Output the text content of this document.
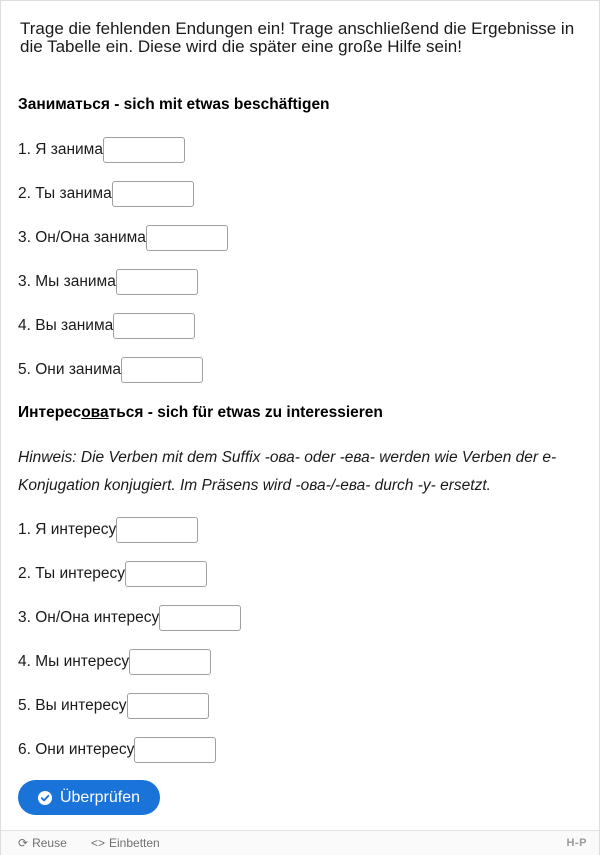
Trage die fehlenden Endungen ein! Trage anschließend die Ergebnisse in die Tabelle ein. Diese wird die später eine große Hilfe sein!
Заниматься - sich mit etwas beschäftigen
1. Я занима
2. Ты занима
3. Он/Она занима
3. Мы занима
4. Вы занима
5. Они занима
Интересоваться - sich für etwas zu interessieren
Hinweis: Die Verben mit dem Suffix -ова- oder -ева- werden wie Verben der e-Konjugation konjugiert. Im Präsens wird -ова-/-ева- durch -у- ersetzt.
1. Я интересу
2. Ты интересу
3. Он/Она интересу
4. Мы интересу
5. Вы интересу
6. Они интересу
Überprüfen
⟳ Reuse <> Einbetten	H-P
